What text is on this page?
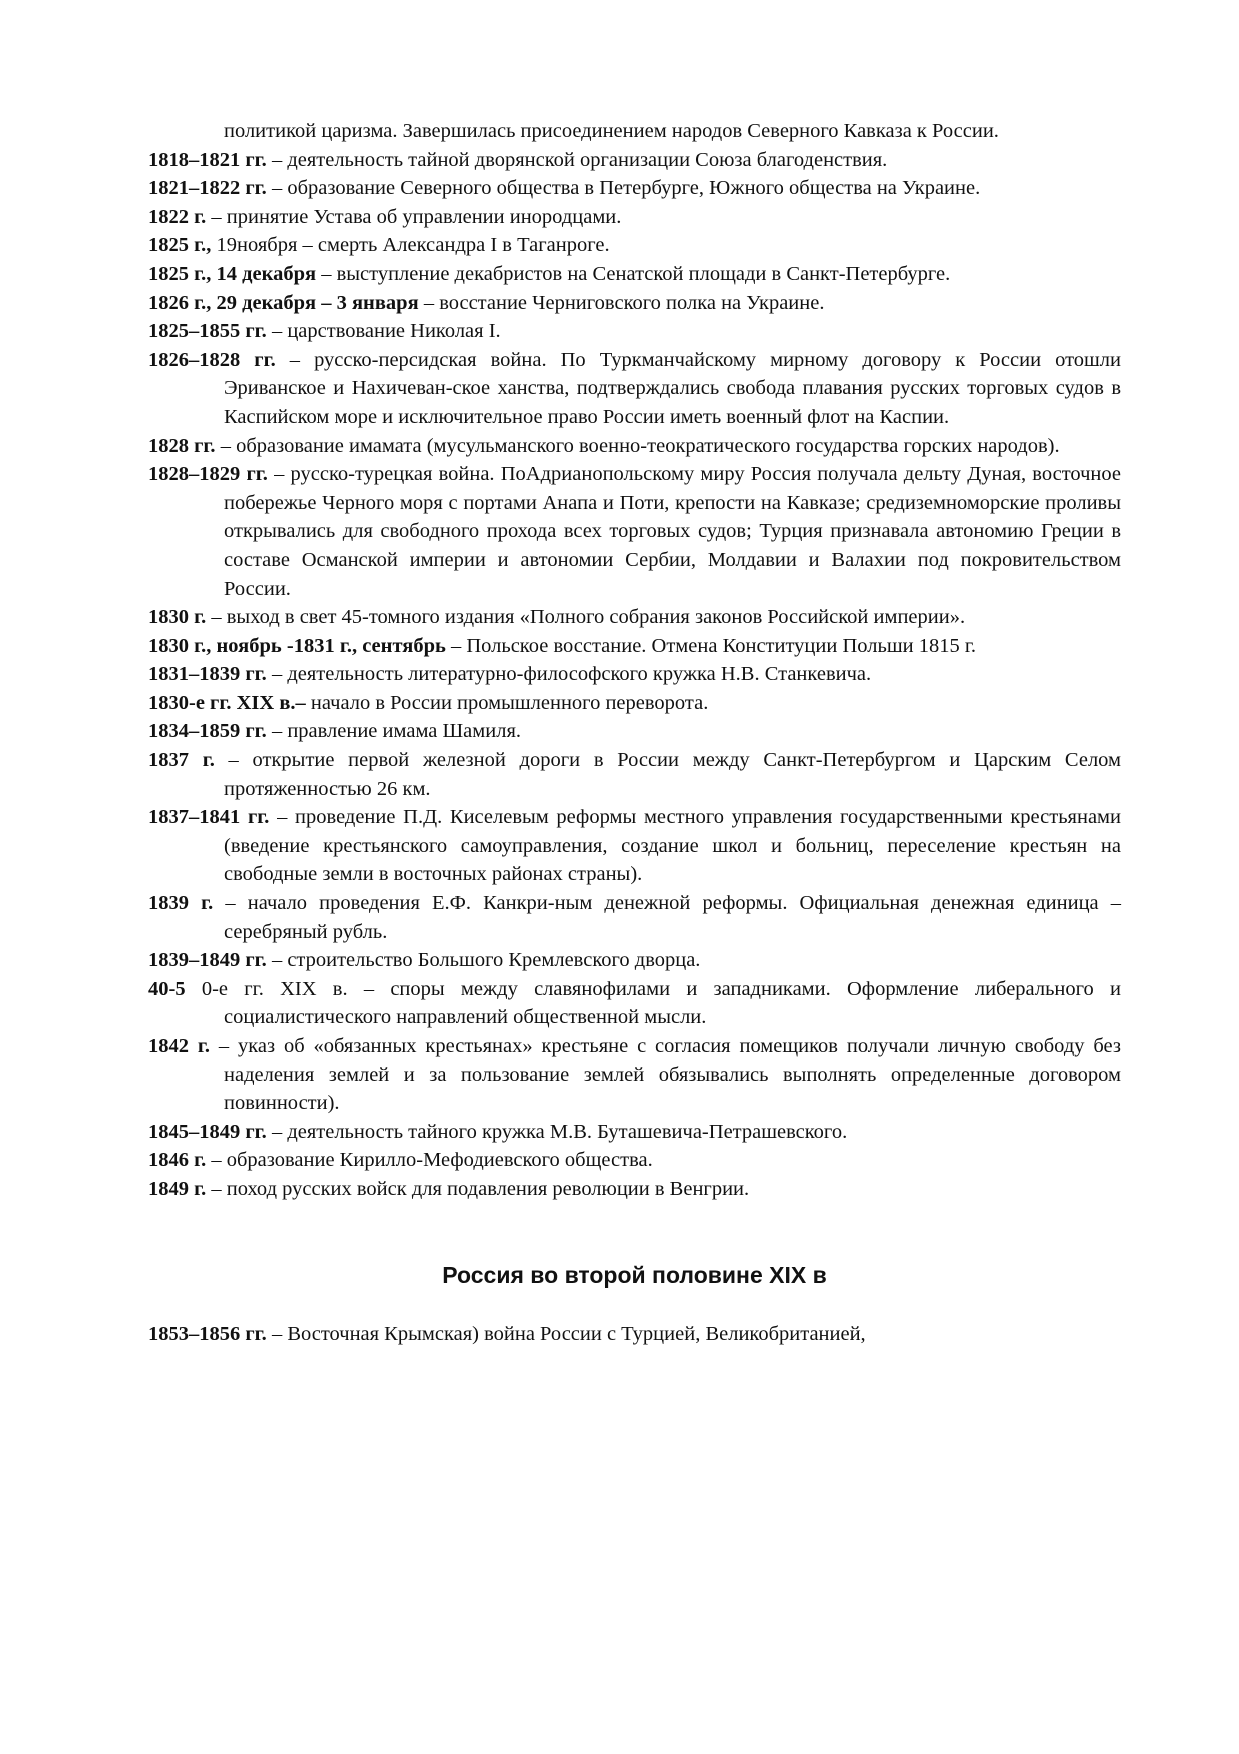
политикой царизма. Завершилась присоединением народов Северного Кавказа к России.

1818–1821 гг. – деятельность тайной дворянской организации Союза благоденствия.

1821–1822 гг. – образование Северного общества в Петербурге, Южного общества на Украине.

1822 г. – принятие Устава об управлении инородцами.

1825 г., 19ноября – смерть Александра I в Таганроге.

1825 г., 14 декабря – выступление декабристов на Сенатской площади в Санкт-Петербурге.

1826 г., 29 декабря – 3 января – восстание Черниговского полка на Украине.

1825–1855 гг. – царствование Николая I.

1826–1828 гг. – русско-персидская война. По Туркманчайскому мирному договору к России отошли Эриванское и Нахичеван-ское ханства, подтверждались свобода плавания русских торговых судов в Каспийском море и исключительное право России иметь военный флот на Каспии.

1828 гг. – образование имамата (мусульманского военно-теократического государства горских народов).

1828–1829 гг. – русско-турецкая война. ПоАдрианопольскому миру Россия получала дельту Дуная, восточное побережье Черного моря с портами Анапа и Поти, крепости на Кавказе; средиземноморские проливы открывались для свободного прохода всех торговых судов; Турция признавала автономию Греции в составе Османской империи и автономии Сербии, Молдавии и Валахии под покровительством России.

1830 г. – выход в свет 45-томного издания «Полного собрания законов Российской империи».

1830 г., ноябрь -1831 г., сентябрь – Польское восстание. Отмена Конституции Польши 1815 г.

1831–1839 гг. – деятельность литературно-философского кружка Н.В. Станкевича.

1830-е гг. XIX в.– начало в России промышленного переворота.

1834–1859 гг. – правление имама Шамиля.

1837 г. – открытие первой железной дороги в России между Санкт-Петербургом и Царским Селом протяженностью 26 км.

1837–1841 гг. – проведение П.Д. Киселевым реформы местного управления государственными крестьянами (введение крестьянского самоуправления, создание школ и больниц, переселение крестьян на свободные земли в восточных районах страны).

1839 г. – начало проведения Е.Ф. Канкри-ным денежной реформы. Официальная денежная единица – серебряный рубль.

1839–1849 гг. – строительство Большого Кремлевского дворца.

40-5 0-е гг. XIX в. – споры между славянофилами и западниками. Оформление либерального и социалистического направлений общественной мысли.

1842 г. – указ об «обязанных крестьянах» крестьяне с согласия помещиков получали личную свободу без наделения землей и за пользование землей обязывались выполнять определенные договором повинности).

1845–1849 гг. – деятельность тайного кружка М.В. Буташевича-Петрашевского.

1846 г. – образование Кирилло-Мефодиевского общества.

1849 г. – поход русских войск для подавления революции в Венгрии.

Россия во второй половине XIX в

1853–1856 гг. – Восточная Крымская) война России с Турцией, Великобританией,
